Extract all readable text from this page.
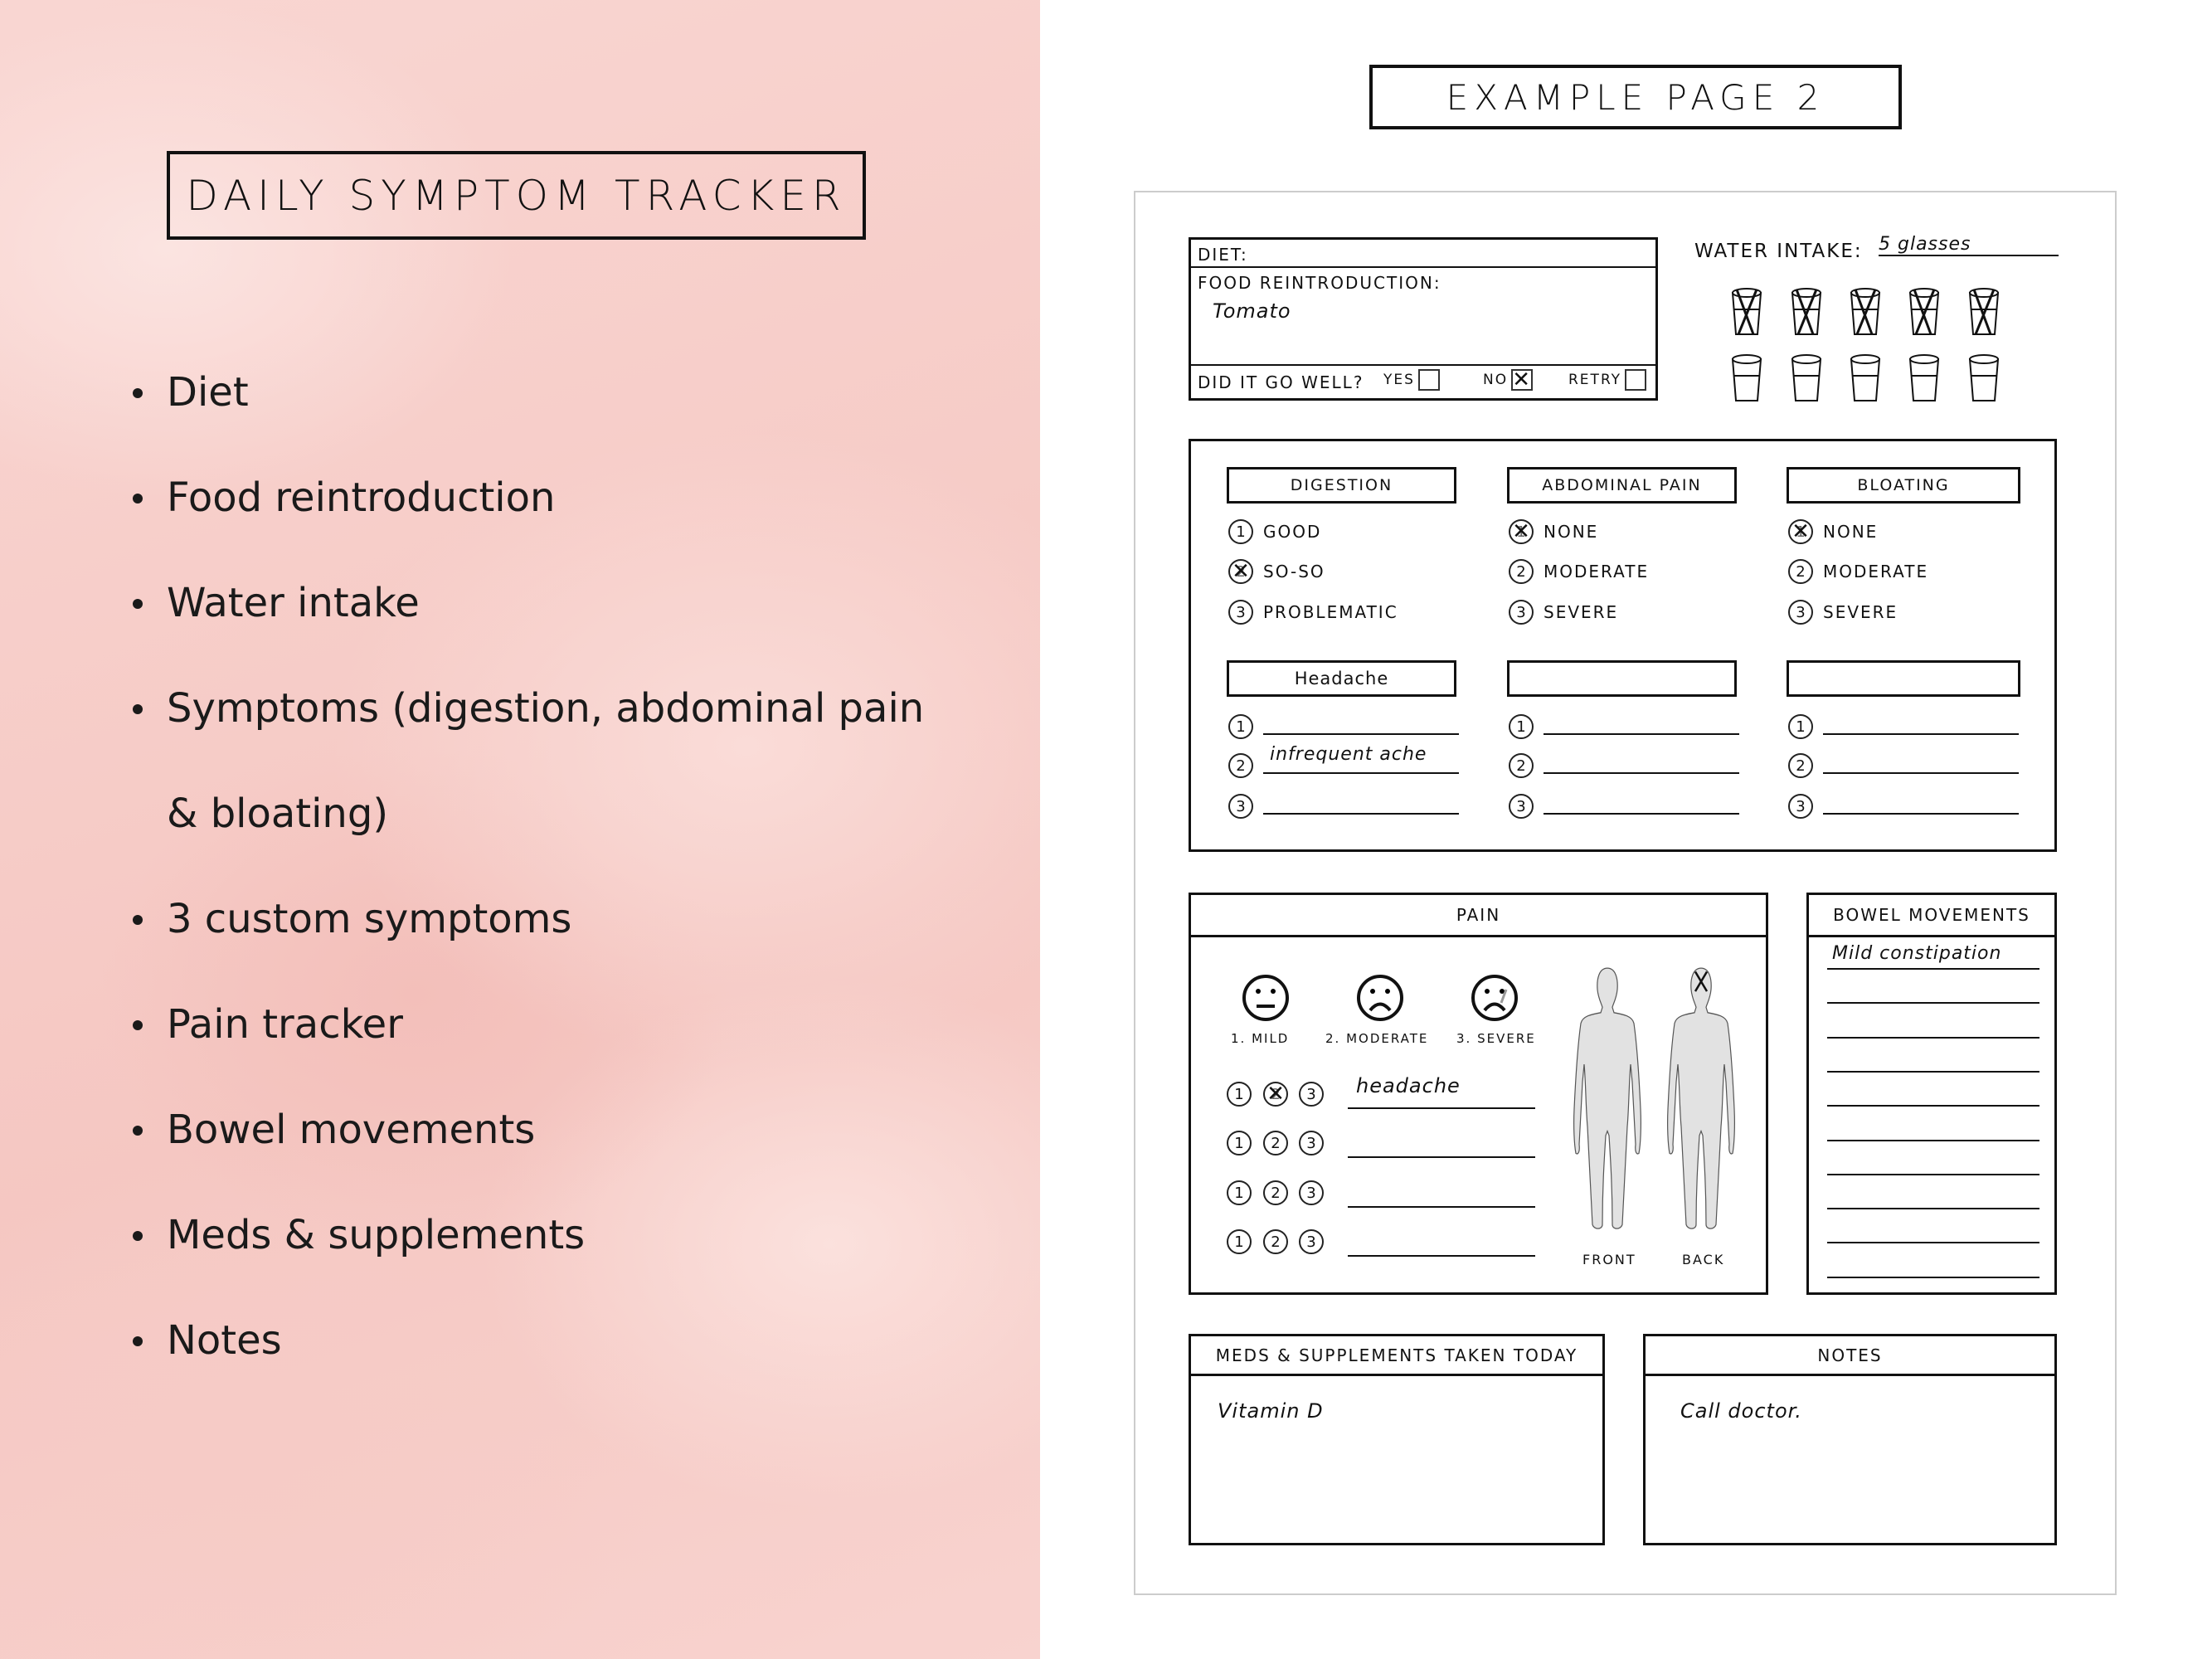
DAILY SYMPTOM TRACKER
Diet
Food reintroduction
Water intake
Symptoms (digestion, abdominal pain & bloating)
3 custom symptoms
Pain tracker
Bowel movements
Meds & supplements
Notes
EXAMPLE PAGE 2
DIET:
FOOD REINTRODUCTION:
Tomato
DID IT GO WELL? YES	NO ✕	RETRY
WATER INTAKE: 5 glasses
DIGESTION
1	GOOD
2 ✕	SO-SO
3	PROBLEMATIC
Headache
1
2
infrequent ache
3
ABDOMINAL PAIN
1 ✕	NONE
2	MODERATE
3	SEVERE
1
2
3
BLOATING
1 ✕	NONE
2	MODERATE
3	SEVERE
1
2
3
PAIN
1. MILD	2. MODERATE 3. SEVERE
FRONT	BACK
1	2 ✕	3	headache
1	2	3
1	2	3
1	2	3
BOWEL MOVEMENTS
Mild constipation
MEDS & SUPPLEMENTS TAKEN TODAY
Vitamin D
NOTES
Call doctor.
